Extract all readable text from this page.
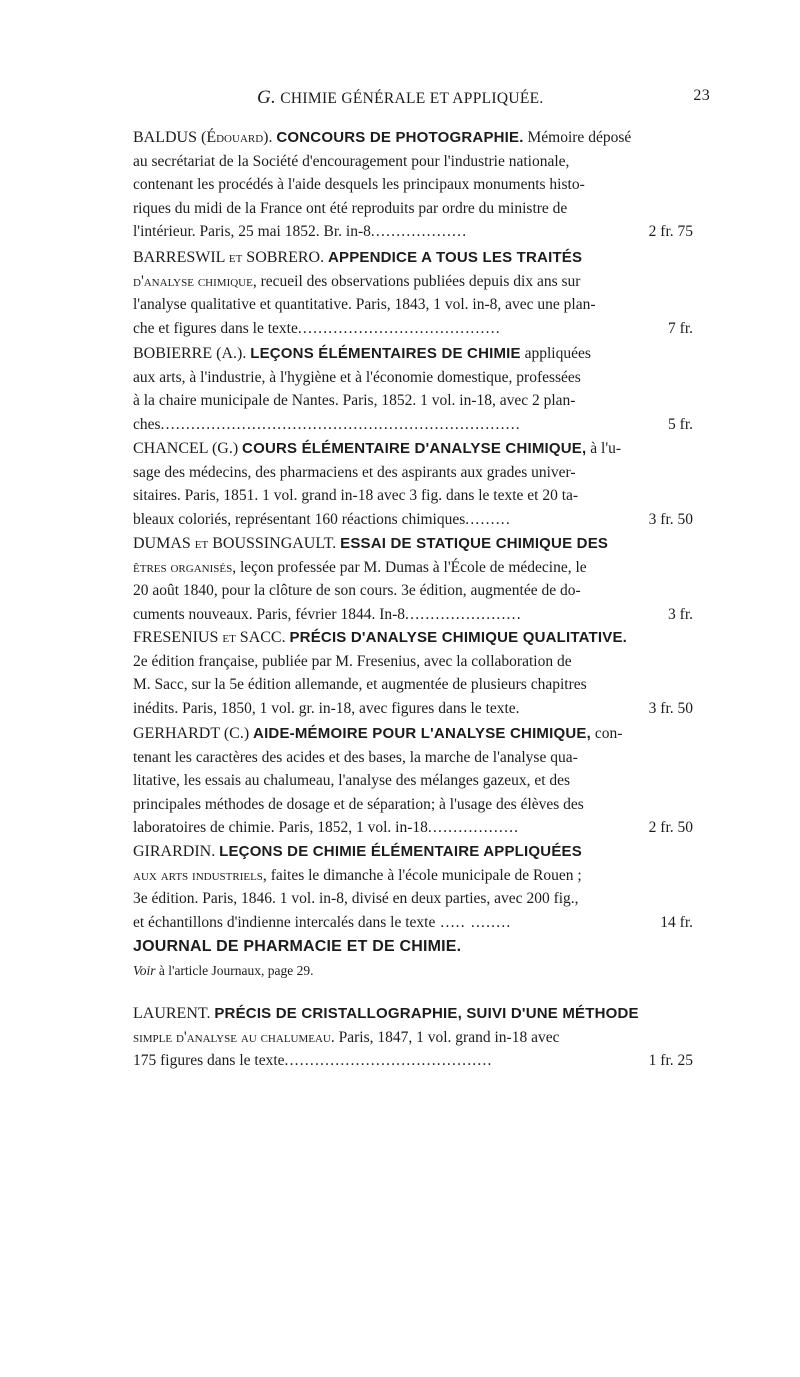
G. CHIMIE GÉNÉRALE ET APPLIQUÉE.	23
BALDUS (Édouard). CONCOURS DE PHOTOGRAPHIE. Mémoire déposé
au secrétariat de la Société d'encouragement pour l'industrie nationale,
contenant les procédés à l'aide desquels les principaux monuments histo-
riques du midi de la France ont été reproduits par ordre du ministre de
l'intérieur. Paris, 25 mai 1852. Br. in-8...................	2 fr. 75
BARRESWIL et SOBRERO. APPENDICE A TOUS LES TRAITÉS
d'analyse chimique, recueil des observations publiées depuis dix ans sur
l'analyse qualitative et quantitative. Paris, 1843, 1 vol. in-8, avec une plan-
che et figures dans le texte........................................	7 fr.
BOBIERRE (A.). LEÇONS ÉLÉMENTAIRES DE CHIMIE appliquées
aux arts, à l'industrie, à l'hygiène et à l'économie domestique, professées
à la chaire municipale de Nantes. Paris, 1852. 1 vol. in-18, avec 2 plan-
ches.......................................................................	5 fr.
CHANCEL (G.) COURS ÉLÉMENTAIRE D'ANALYSE CHIMIQUE, à l'u-
sage des médecins, des pharmaciens et des aspirants aux grades univer-
sitaires. Paris, 1851. 1 vol. grand in-18 avec 3 fig. dans le texte et 20 ta-
bleaux coloriés, représentant 160 réactions chimiques.........	3 fr. 50
DUMAS et BOUSSINGAULT. ESSAI DE STATIQUE CHIMIQUE DES
êtres organisés, leçon professée par M. Dumas à l'École de médecine, le
20 août 1840, pour la clôture de son cours. 3e édition, augmentée de do-
cuments nouveaux. Paris, février 1844. In-8.......................	3 fr.
FRESENIUS et SACC. PRÉCIS D'ANALYSE CHIMIQUE QUALITATIVE.
2e édition française, publiée par M. Fresenius, avec la collaboration de
M. Sacc, sur la 5e édition allemande, et augmentée de plusieurs chapitres
inédits. Paris, 1850, 1 vol. gr. in-18, avec figures dans le texte.	3 fr. 50
GERHARDT (C.) AIDE-MÉMOIRE POUR L'ANALYSE CHIMIQUE, con-
tenant les caractères des acides et des bases, la marche de l'analyse qua-
litative, les essais au chalumeau, l'analyse des mélanges gazeux, et des
principales méthodes de dosage et de séparation; à l'usage des élèves des
laboratoires de chimie. Paris, 1852, 1 vol. in-18..................	2 fr. 50
GIRARDIN. LEÇONS DE CHIMIE ÉLÉMENTAIRE APPLIQUÉES
aux arts industriels, faites le dimanche à l'école municipale de Rouen ;
3e édition. Paris, 1846. 1 vol. in-8, divisé en deux parties, avec 200 fig.,
et échantillons d'indienne intercalés dans le texte ..... ........	14 fr.
JOURNAL DE PHARMACIE ET DE CHIMIE.
Voir à l'article Journaux, page 29.
LAURENT. PRÉCIS DE CRISTALLOGRAPHIE, SUIVI D'UNE MÉTHODE
simple d'analyse au chalumeau. Paris, 1847, 1 vol. grand in-18 avec
175 figures dans le texte.........................................	1 fr. 25
